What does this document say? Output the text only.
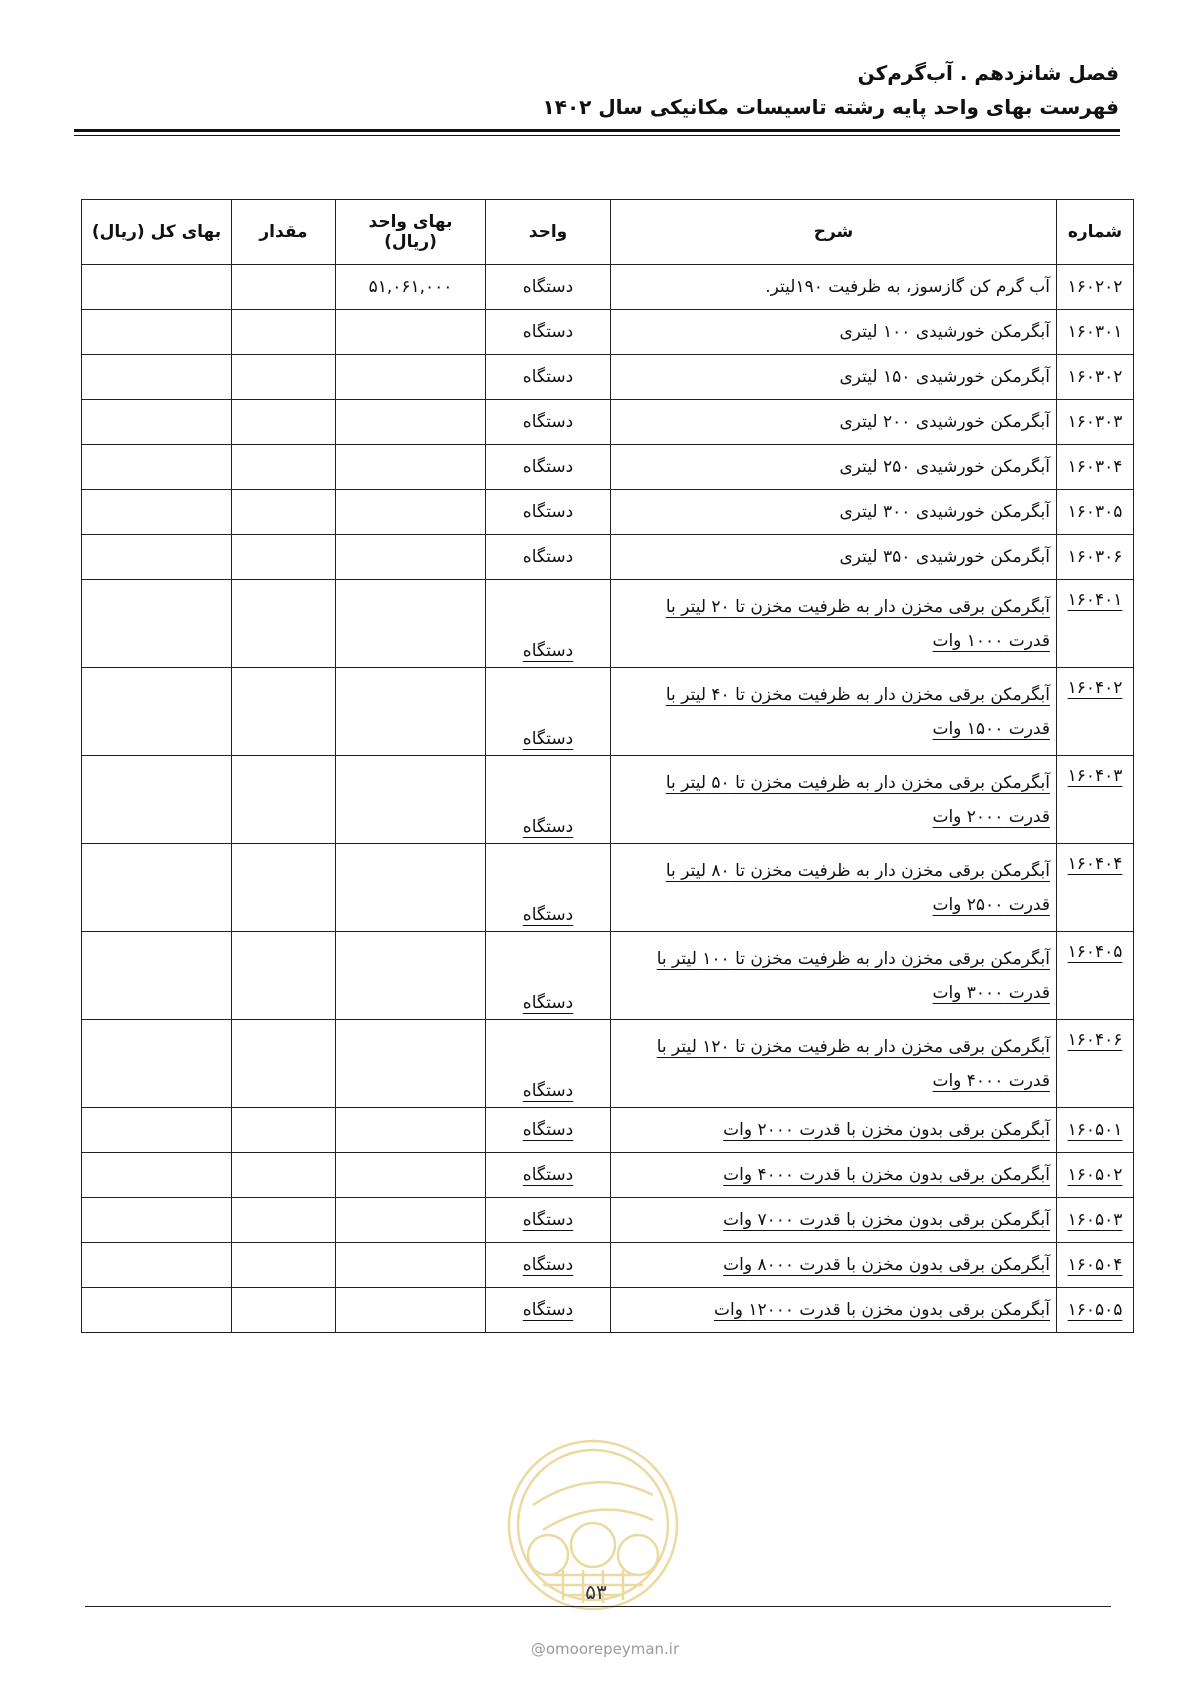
فصل شانزدهم . آب‌گرم‌کن
فهرست بهای واحد پایه رشته تاسیسات مکانیکی سال ۱۴۰۲
شماره	شرح	واحد	بهای واحد (ریال)	مقدار	بهای کل (ریال)
۱۶۰۲۰۲	آب گرم کن گازسوز، به ظرفیت ۱۹۰لیتر.	دستگاه	۵۱,۰۶۱,۰۰۰		
۱۶۰۳۰۱	آبگرمکن خورشیدی ۱۰۰ لیتری	دستگاه			
۱۶۰۳۰۲	آبگرمکن خورشیدی ۱۵۰ لیتری	دستگاه			
۱۶۰۳۰۳	آبگرمکن خورشیدی ۲۰۰ لیتری	دستگاه			
۱۶۰۳۰۴	آبگرمکن خورشیدی ۲۵۰ لیتری	دستگاه			
۱۶۰۳۰۵	آبگرمکن خورشیدی ۳۰۰ لیتری	دستگاه			
۱۶۰۳۰۶	آبگرمکن خورشیدی ۳۵۰ لیتری	دستگاه			
۱۶۰۴۰۱	آبگرمکن برقی مخزن دار به ظرفیت مخزن تا ۲۰ لیتر با
قدرت ۱۰۰۰ وات	دستگاه			
۱۶۰۴۰۲	آبگرمکن برقی مخزن دار به ظرفیت مخزن تا ۴۰ لیتر با
قدرت ۱۵۰۰ وات	دستگاه			
۱۶۰۴۰۳	آبگرمکن برقی مخزن دار به ظرفیت مخزن تا ۵۰ لیتر با
قدرت ۲۰۰۰ وات	دستگاه			
۱۶۰۴۰۴	آبگرمکن برقی مخزن دار به ظرفیت مخزن تا ۸۰ لیتر با
قدرت ۲۵۰۰ وات	دستگاه			
۱۶۰۴۰۵	آبگرمکن برقی مخزن دار به ظرفیت مخزن تا ۱۰۰ لیتر با
قدرت ۳۰۰۰ وات	دستگاه			
۱۶۰۴۰۶	آبگرمکن برقی مخزن دار به ظرفیت مخزن تا ۱۲۰ لیتر با
قدرت ۴۰۰۰ وات	دستگاه			
۱۶۰۵۰۱	آبگرمکن برقی بدون مخزن با قدرت ۲۰۰۰ وات	دستگاه			
۱۶۰۵۰۲	آبگرمکن برقی بدون مخزن با قدرت ۴۰۰۰ وات	دستگاه			
۱۶۰۵۰۳	آبگرمکن برقی بدون مخزن با قدرت ۷۰۰۰ وات	دستگاه			
۱۶۰۵۰۴	آبگرمکن برقی بدون مخزن با قدرت ۸۰۰۰ وات	دستگاه			
۱۶۰۵۰۵	آبگرمکن برقی بدون مخزن با قدرت ۱۲۰۰۰ وات	دستگاه			
۵۳
@omoorepeyman.ir
